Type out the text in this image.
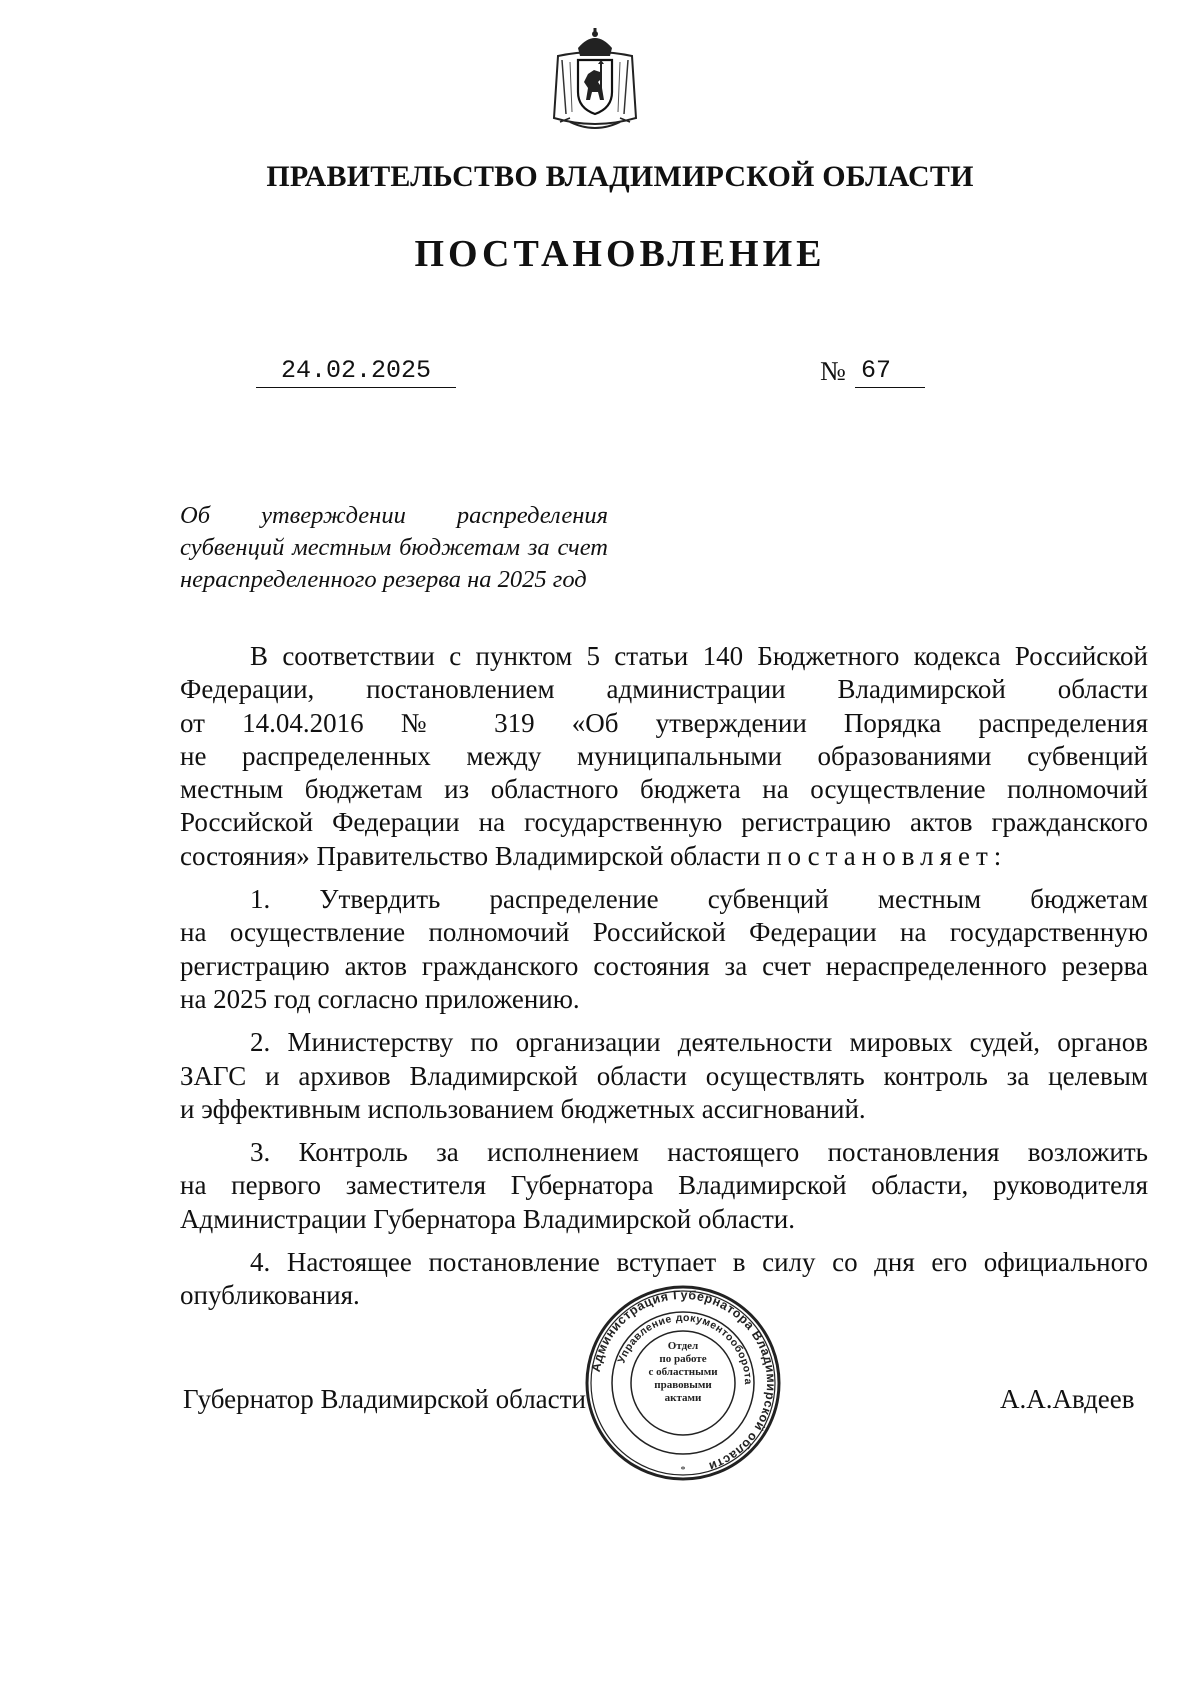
ПРАВИТЕЛЬСТВО ВЛАДИМИРСКОЙ ОБЛАСТИ
ПОСТАНОВЛЕНИЕ
24.02.2025	№ 67
Об утверждении распределения
субвенций местным бюджетам за счет
нераспределенного резерва на 2025 год

В соответствии с пунктом 5 статьи 140 Бюджетного кодекса Российской
Федерации, постановлением администрации Владимирской области
от 14.04.2016 № 319 «Об утверждении Порядка распределения
не распределенных между муниципальными образованиями субвенций
местным бюджетам из областного бюджета на осуществление полномочий
Российской Федерации на государственную регистрацию актов гражданского
состояния» Правительство Владимирской области постановляет:

1. Утвердить распределение субвенций местным бюджетам
на осуществление полномочий Российской Федерации на государственную
регистрацию актов гражданского состояния за счет нераспределенного резерва
на 2025 год согласно приложению.

2. Министерству по организации деятельности мировых судей, органов
ЗАГС и архивов Владимирской области осуществлять контроль за целевым
и эффективным использованием бюджетных ассигнований.

3. Контроль за исполнением настоящего постановления возложить
на первого заместителя Губернатора Владимирской области, руководителя
Администрации Губернатора Владимирской области.

4. Настоящее постановление вступает в силу со дня его официального
опубликования.

Губернатор Владимирской области	А.А.Авдеев
Администрация Губернатора Владимирской области
Управление документооборота
*
Отдел
по работе
с областными
правовыми
актами
